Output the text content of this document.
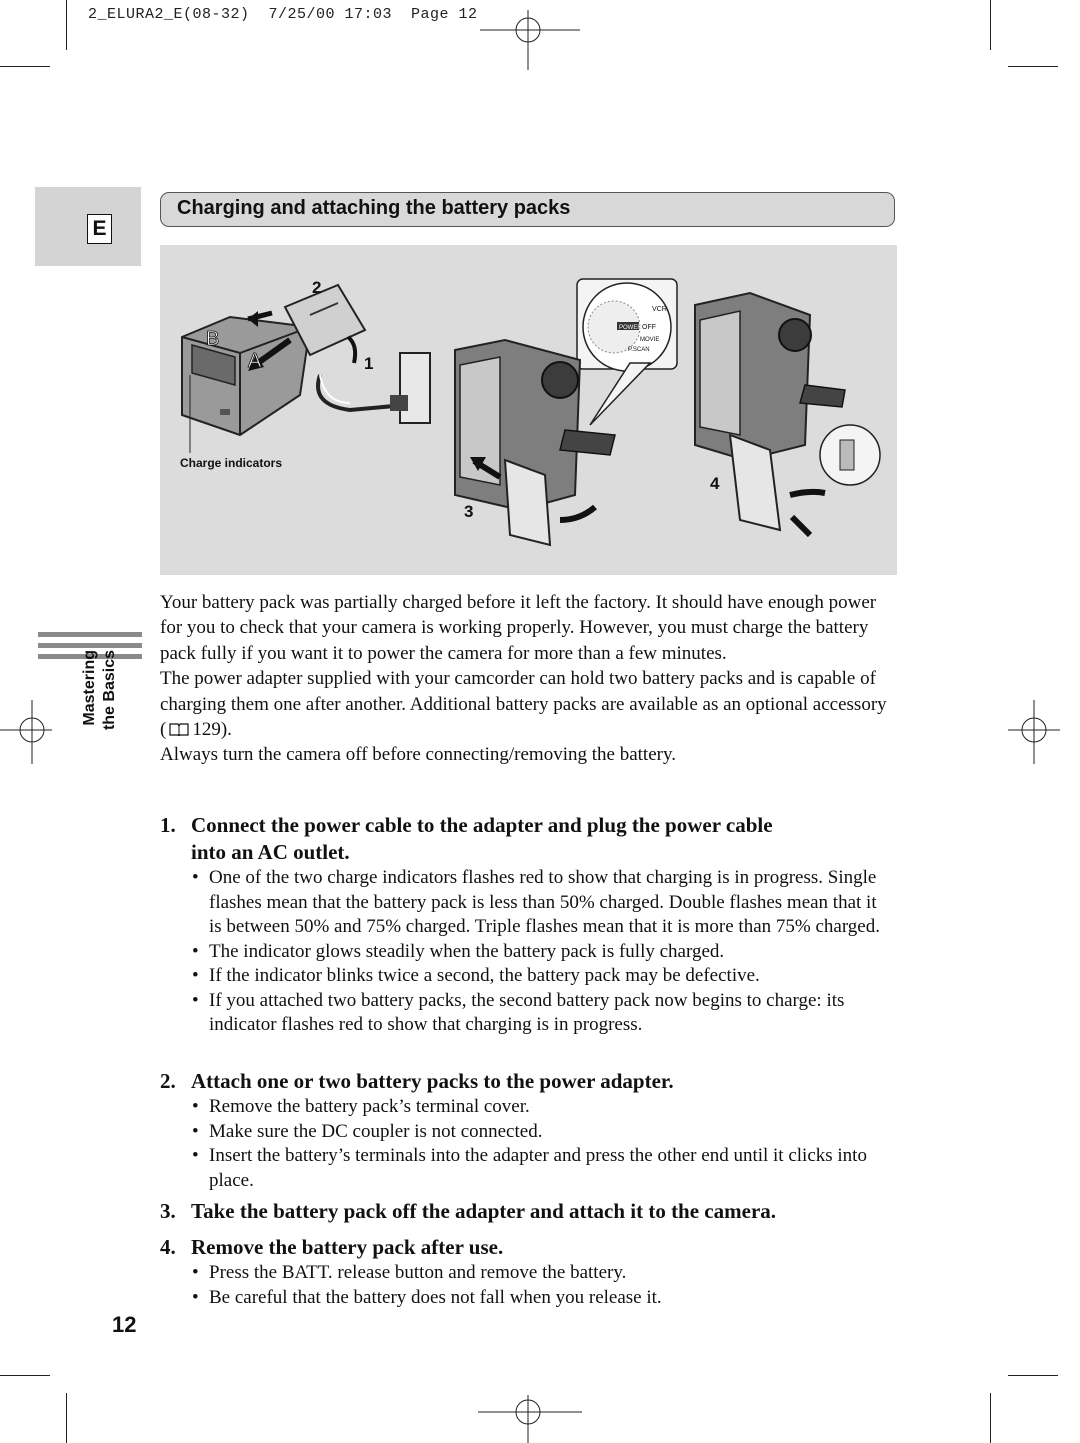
2_ELURA2_E(08-32)  7/25/00 17:03  Page 12
E
Charging and attaching the battery packs
2
B
A	1
3
4
Charge indicators
VCR
POWER OFF
MOVIE
P.SCAN
Mastering the Basics

Your battery pack was partially charged before it left the factory. It should have enough power for you to check that your camera is working properly. However, you must charge the battery pack fully if you want it to power the camera for more than a few minutes.

The power adapter supplied with your camcorder can hold two battery packs and is capable of charging them one after another. Additional battery packs are available as an optional accessory ( 129).

Always turn the camera off before connecting/removing the battery.

1. Connect the power cable to the adapter and plug the power cable
into an AC outlet.
• One of the two charge indicators flashes red to show that charging is in progress. Single flashes mean that the battery pack is less than 50% charged. Double flashes mean that it is between 50% and 75% charged. Triple flashes mean that it is more than 75% charged.
• The indicator glows steadily when the battery pack is fully charged.
• If the indicator blinks twice a second, the battery pack may be defective.
• If you attached two battery packs, the second battery pack now begins to charge: its indicator flashes red to show that charging is in progress.
2. Attach one or two battery packs to the power adapter.
• Remove the battery pack’s terminal cover.
• Make sure the DC coupler is not connected.
• Insert the battery’s terminals into the adapter and press the other end until it clicks into place.
3. Take the battery pack off the adapter and attach it to the camera.
4. Remove the battery pack after use.
• Press the BATT. release button and remove the battery.
• Be careful that the battery does not fall when you release it.
12
